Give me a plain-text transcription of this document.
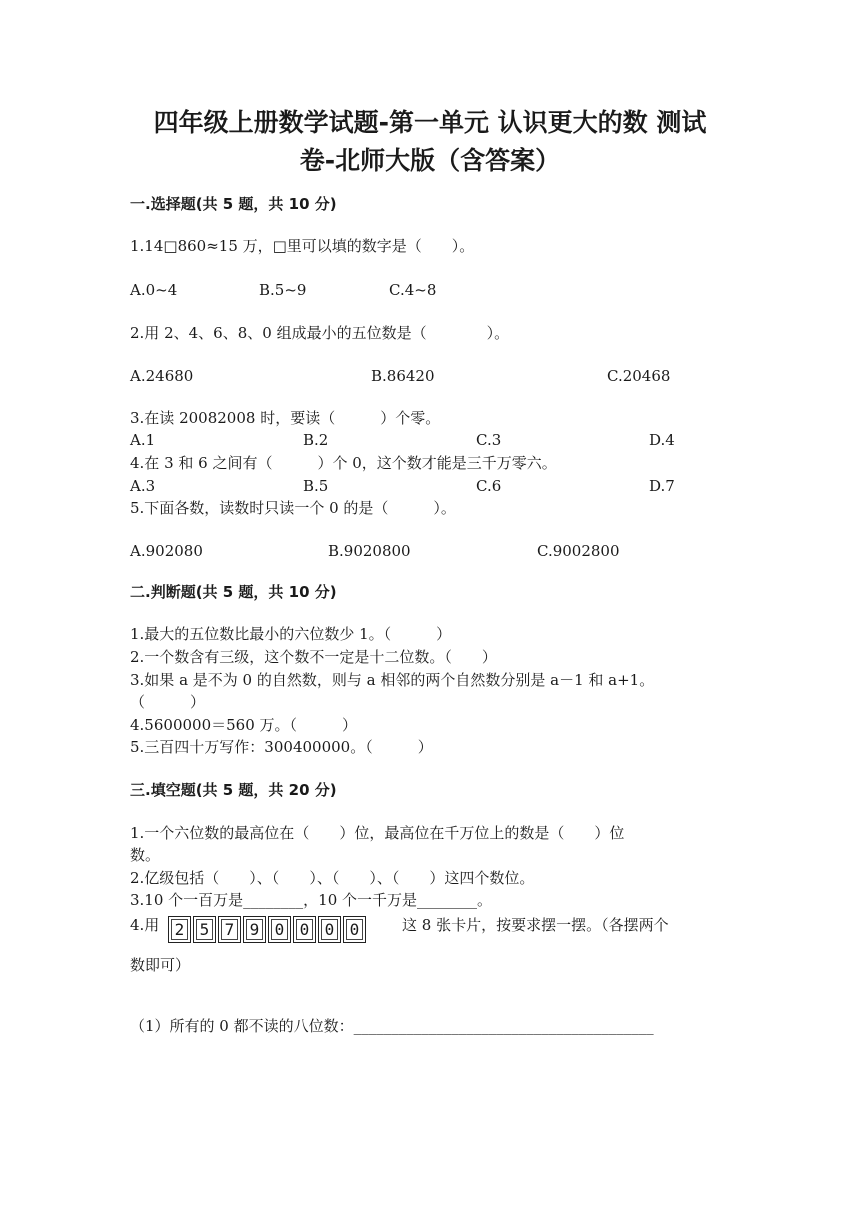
四年级上册数学试题-第一单元 认识更大的数 测试
卷-北师大版（含答案）
一.选择题(共 5 题，共 10 分)
1.14□860≈15 万，□里可以填的数字是（　　）。
A.0~4	B.5~9	C.4~8
2.用 2、4、6、8、0 组成最小的五位数是（　　　　）。
A.24680	B.86420	C.20468
3.在读 20082008 时，要读（　　　）个零。
A.1	B.2	C.3	D.4
4.在 3 和 6 之间有（　　　）个 0，这个数才能是三千万零六。
A.3	B.5	C.6	D.7
5.下面各数，读数时只读一个 0 的是（　　　）。
A.902080	B.9020800	C.9002800
二.判断题(共 5 题，共 10 分)
1.最大的五位数比最小的六位数少 1。（　　　）
2.一个数含有三级，这个数不一定是十二位数。（　　）
3.如果 a 是不为 0 的自然数，则与 a 相邻的两个自然数分别是 a－1 和 a+1。
（　　　）
4.5600000＝560 万。（　　　）
5.三百四十万写作：300400000。（　　　）
三.填空题(共 5 题，共 20 分)
1.一个六位数的最高位在（　　）位，最高位在千万位上的数是（　　）位
数。
2.亿级包括（　　）、（　　）、（　　）、（　　）这四个数位。
3.10 个一百万是________，10 个一千万是________。
4.用 2 5 7 9 0 0 0 0	这 8 张卡片，按要求摆一摆。（各摆两个
数即可）
（1）所有的 0 都不读的八位数：________________________________________
